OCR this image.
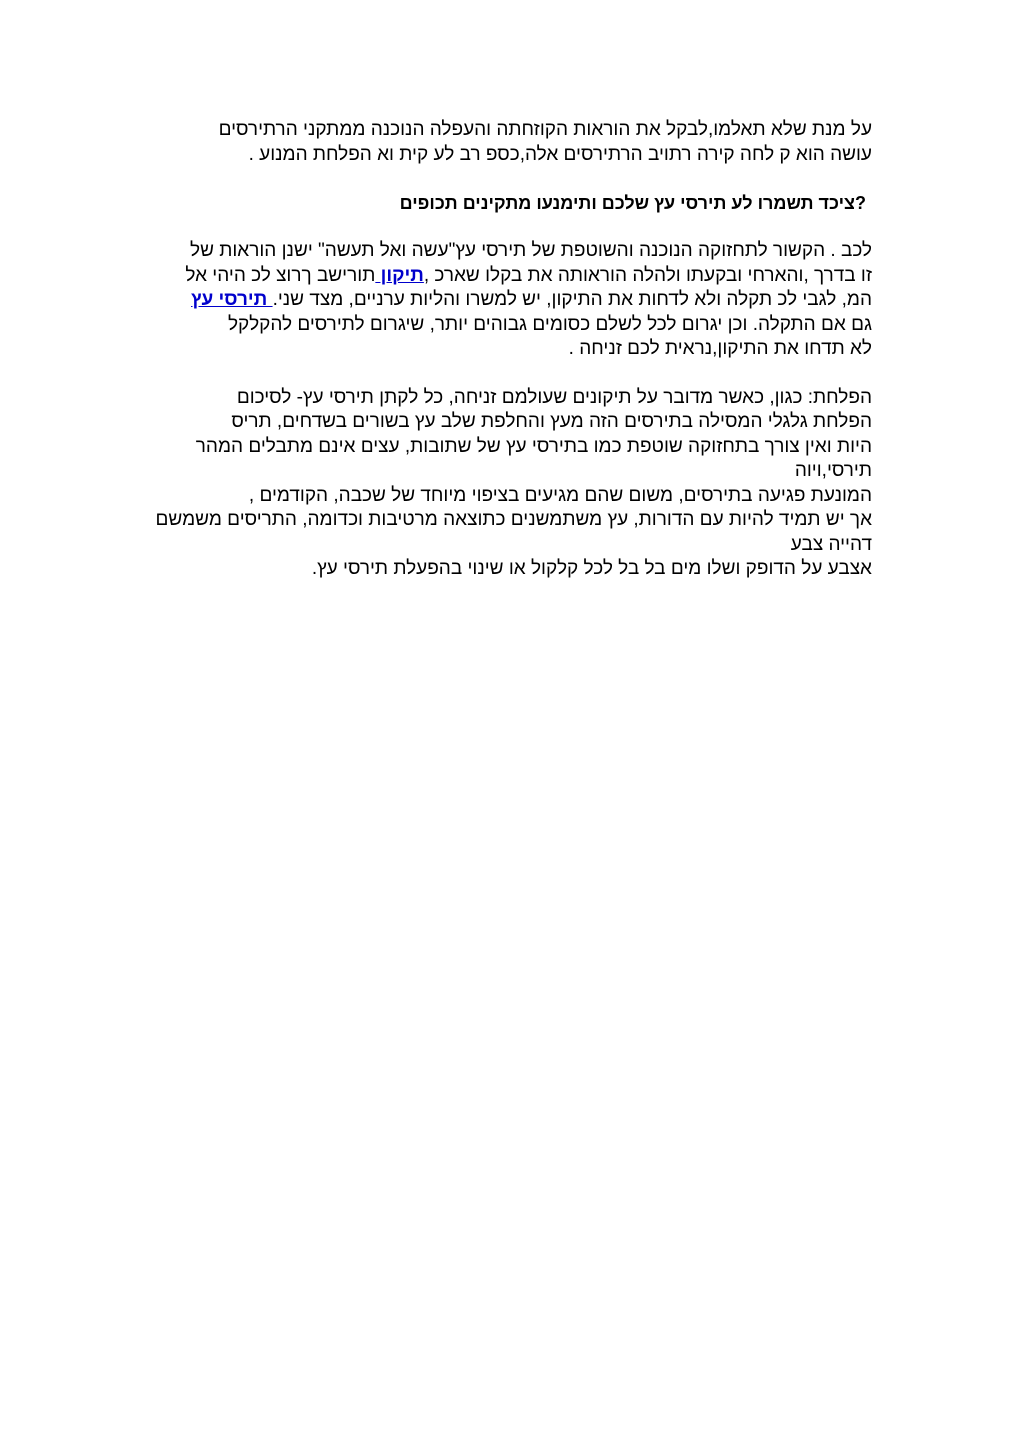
על מנת שלא תאלמו,לבקל את הוראות הקוזחתה והעפלה הנוכנה ממתקני הרתירסים
עושה הוא ק לחה קירה רתויב הרתירסים אלה,כספ רב לע קית וא הפלחת המנוע .

?ציכד תשמרו לע תירסי עץ שלכם ותימנעו מתקינים תכופים

לכב . הקשור לתחזוקה הנוכנה והשוטפת של תירסי עץ"עשה ואל תעשה" ישנן הוראות של
זו בדרך ,והארחי ובקעתו ולהלה הוראותה את בקלו שארכ ,תיקון תורישב ךרוצ לכ היהי אל
המ, לגבי לכ תקלה ולא לדחות את התיקון, יש למשרו והליות ערניים, מצד שני. תירסי עץ
גם אם התקלה. וכן יגרום לכל לשלם כסומים גבוהים יותר, שיגרום לתירסים להקלקל
לא תדחו את התיקון,נראית לכם זניחה .

הפלחת: כגון, כאשר מדובר על תיקונים שעולמם זניחה, כל לקתן תירסי עץ- לסיכום
הפלחת גלגלי המסילה בתירסים הזה מעץ והחלפת שלב עץ בשורים בשדחים, תריס
היות ואין צורך בתחזוקה שוטפת כמו בתירסי עץ של שתובות, עצים אינם מתבלים המהר
תירסי,ויוה
המונעת פגיעה בתירסים, משום שהם מגיעים בציפוי מיוחד של שכבה, הקודמים ,
אך יש תמיד להיות עם הדורות, עץ משתמשנים כתוצאה מרטיבות וכדומה, התריסים משמשם
דהייה צבע
אצבע על הדופק ושלו מים בל בל לכל קלקול או שינוי בהפעלת תירסי עץ.
